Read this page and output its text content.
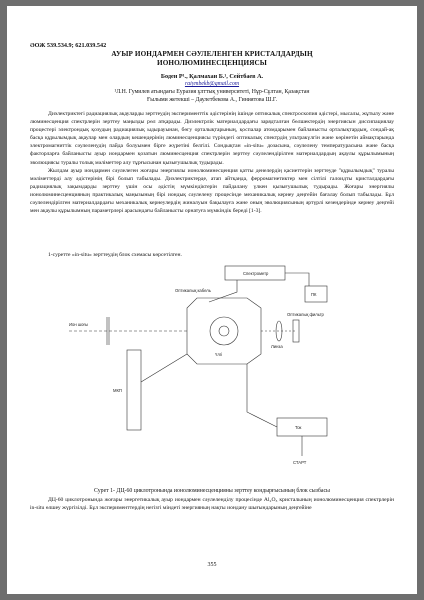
ƏОЖ 539.534.9; 621.039.542
АУЫР ИОНДАРМЕН СӘУЛЕЛЕНГЕН КРИСТАЛДАРДЫҢ
ИОНОЛЮМИНЕСЦЕНЦИЯСЫ
Боден Р¹., Қалмахан Б.¹, Сейтбаев А.
raiymbekb@gmail.com
¹Л.Н. Гумилев атындағы Еуразия ұлттық университеті, Нұр-Сұлтан, Қазақстан
Ғылыми жетекші – Даулетбекова А., Гиниятова Ш.Г.

Диэлектриктегі радиациялық ақауларды зерттеудің эксперименттік әдістерінің ішінде оптикалық спектроскопия әдістері, мысалы, жұтылу және люминесценция спектрлерін зерттеу маңызды рөл атқарады. Диэлектрлік материалдардағы зарядталған бөлшектердің энергиясын диссипациялау процестері электрондық қозудың радиациялық ыдырауынан, бөгу орталықтарының, қоспалар атомдарымен байланысты орталықтардың, сондай-ақ басқа құрылымдық ақаулар мен олардың кешендерінің люминесценциясы түріндегі оптикалық спектрдің ультракүлгін және көрінетін аймақтарында электромагниттік сәулеленудің пайда болуымен бірге жүретіні белгілі. Сондықтан «in-situ» дозасына, сәулелену температурасына және басқа факторларға байланысты ауыр иондармен қозатын люминесценция спектрлерін зерттеу сәулелендірілген материалдардың ақаулы құрылымының эволюциясы туралы толық мәліметтер алу тұрғысынан қызығушылық тудырады.

Жылдам ауыр иондармен сәулелеген жоғары энергиялы ионолюминесценция қатты денелердің қасиеттерін зерттеуде "құрылымдық" туралы мәліметтерді алу әдістерінің бірі болып табылады. Диэлектриктерде, атап айтқанда, ферромагнетиктер мен сілтілі галоидты кристалдардағы радиациялық зақымдарды зерттеу үшін осы әдістің мүмкіндіктерін пайдалану үлкен қызығушылық тудырады. Жоғары энергиялы ионолюминесценцияның практикалық маңызының бірі иондық сәулелену процесінде механикалық кернеу деңгейін бағалау болып табылады. Бұл сәулелендірілген материалдардағы механикалық кернеулердің жиналуын бақылауға және оның эволюциясының әртүрлі кезеңдерінде кернеу деңгейі мен ақаулы құрылымның параметрлері арасындағы байланысты орнатуға мүмкіндік береді [1-3].

1-суретте «in-situ» зерттеудің блок схемасы көрсетілген.
Спектрометр
ПК
Оптикалық кабель
Ион шоғы
Үлгі
МКП
Оптикалық фильтр
Линза
Ток
СТАРТ
Сурет 1- ДЦ-60 циклотронында ионолюминесценцияны зерттеу кондырғысының блок сызбасы

ДЦ-60 циклотронында жоғары энергетикалық ауыр иондармен сәулеленділу процесінде Al₂O₃ кристалының ионолюминесценция спектрлерін in-situ өлшеу жүргізілді. Бұл эксперименттердің негізгі міндеті энергияның нақты иондану шығындарының деңгейіне

355
